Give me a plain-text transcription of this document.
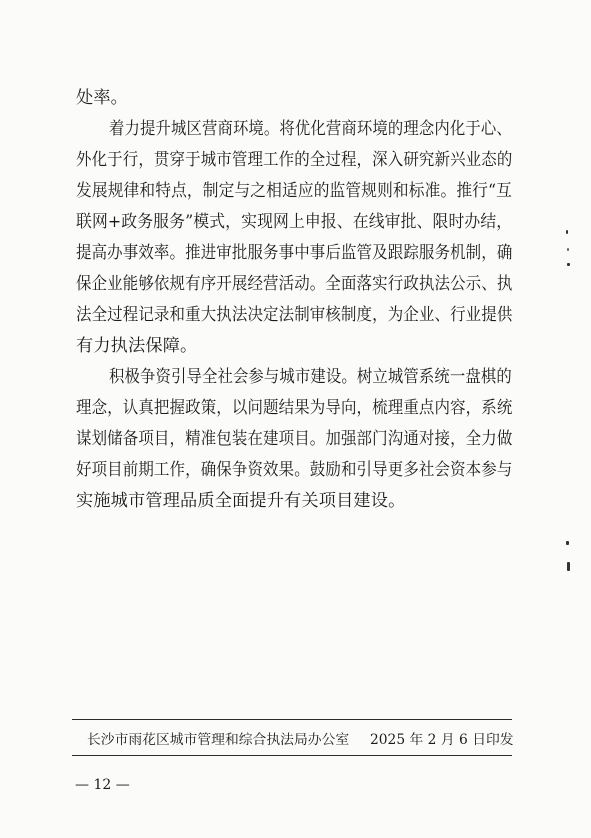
处率。

着力提升城区营商环境。将优化营商环境的理念内化于心、

外化于行，贯穿于城市管理工作的全过程，深入研究新兴业态的

发展规律和特点，制定与之相适应的监管规则和标准。推行“互

联网+政务服务”模式，实现网上申报、在线审批、限时办结，

提高办事效率。推进审批服务事中事后监管及跟踪服务机制，确

保企业能够依规有序开展经营活动。全面落实行政执法公示、执

法全过程记录和重大执法决定法制审核制度，为企业、行业提供

有力执法保障。

积极争资引导全社会参与城市建设。树立城管系统一盘棋的

理念，认真把握政策，以问题结果为导向，梳理重点内容，系统

谋划储备项目，精准包装在建项目。加强部门沟通对接，全力做

好项目前期工作，确保争资效果。鼓励和引导更多社会资本参与

实施城市管理品质全面提升有关项目建设。

长沙市雨花区城市管理和综合执法局办公室 2025 年 2 月 6 日印发
— 12 —
